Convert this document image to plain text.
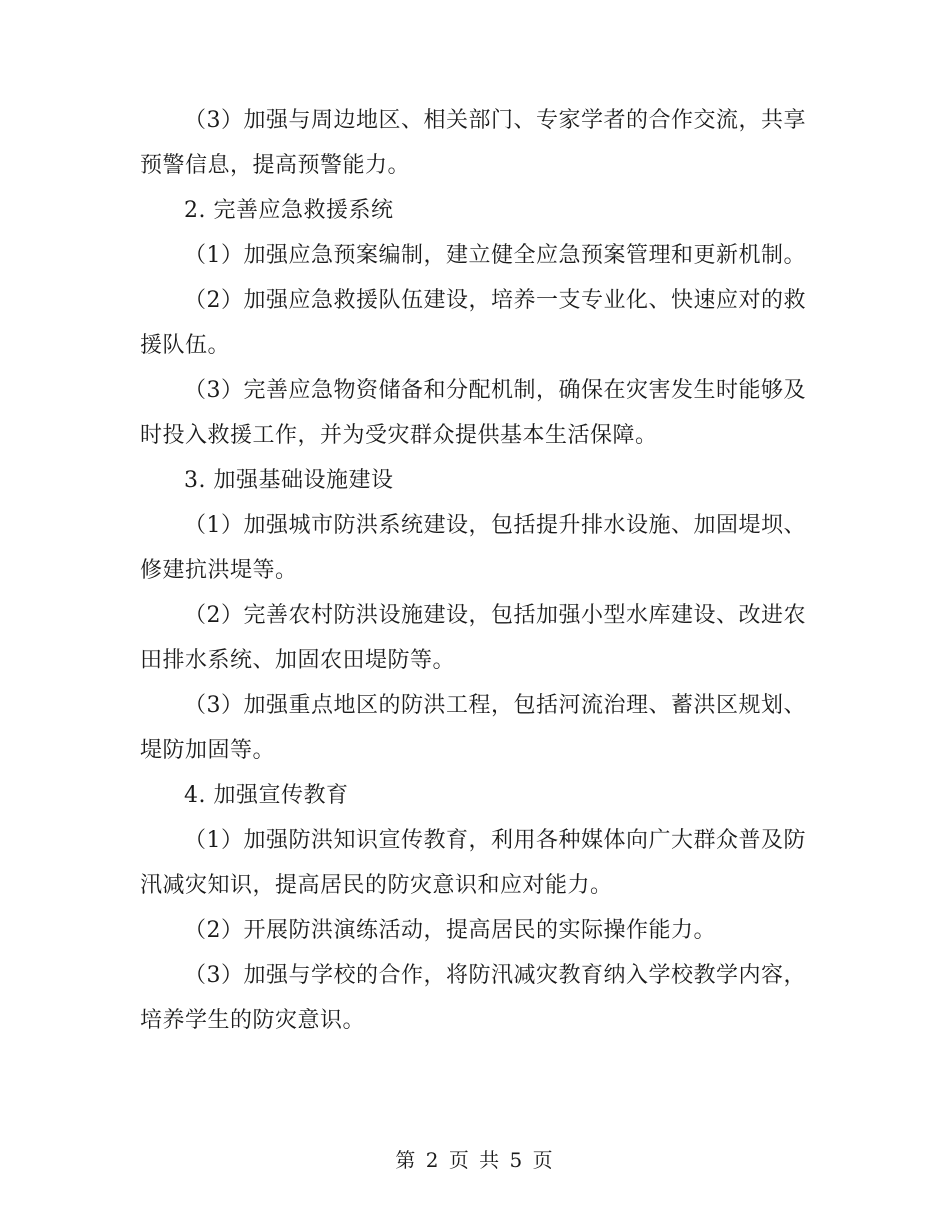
（3）加强与周边地区、相关部门、专家学者的合作交流，共享预警信息，提高预警能力。

2. 完善应急救援系统

（1）加强应急预案编制，建立健全应急预案管理和更新机制。

（2）加强应急救援队伍建设，培养一支专业化、快速应对的救援队伍。

（3）完善应急物资储备和分配机制，确保在灾害发生时能够及时投入救援工作，并为受灾群众提供基本生活保障。

3. 加强基础设施建设

（1）加强城市防洪系统建设，包括提升排水设施、加固堤坝、修建抗洪堤等。

（2）完善农村防洪设施建设，包括加强小型水库建设、改进农田排水系统、加固农田堤防等。

（3）加强重点地区的防洪工程，包括河流治理、蓄洪区规划、堤防加固等。

4. 加强宣传教育

（1）加强防洪知识宣传教育，利用各种媒体向广大群众普及防汛减灾知识，提高居民的防灾意识和应对能力。

（2）开展防洪演练活动，提高居民的实际操作能力。

（3）加强与学校的合作，将防汛减灾教育纳入学校教学内容，培养学生的防灾意识。

第 2 页 共 5 页
